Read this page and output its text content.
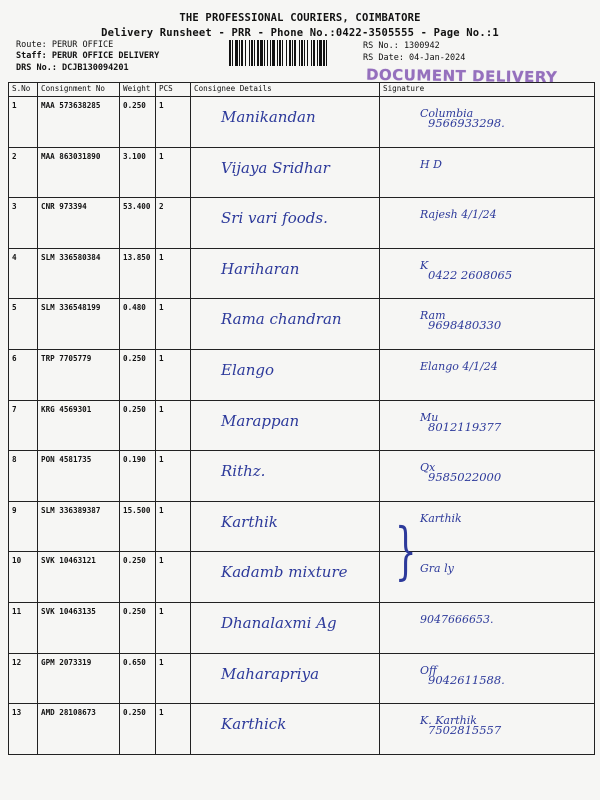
THE PROFESSIONAL COURIERS, COIMBATORE
Delivery Runsheet - PRR - Phone No.:0422-3505555 - Page No.:1
Route: PERUR OFFICE
Staff: PERUR OFFICE DELIVERY
DRS No.: DCJB130094201
RS No.: 1300942
RS Date: 04-Jan-2024
DOCUMENT DELIVERY
S.No	Consignment No	Weight	PCS	Consignee Details	Signature
1	MAA 573638285	0.250	1	Manikandan	Columbia
9566933298.

2	MAA 863031890	3.100	1	Vijaya Sridhar	H D
3	CNR 973394	53.400	2	Sri vari foods.	Rajesh 4/1/24
4	SLM 336580384	13.850	1	Hariharan	K
0422 2608065

5	SLM 336548199	0.480	1	Rama chandran	Ram
9698480330

6	TRP 7705779	0.250	1	Elango	Elango 4/1/24
7	KRG 4569301	0.250	1	Marappan	Mu
8012119377

8	PON 4581735	0.190	1	Rithz.	Qx
9585022000

9	SLM 336389387	15.500	1	Karthik	Karthik
10	SVK 10463121	0.250	1	Kadamb mixture	Gra ly
11	SVK 10463135	0.250	1	Dhanalaxmi Ag	9047666653.
12	GPM 2073319	0.650	1	Maharapriya	Off
9042611588.

13	AMD 28108673	0.250	1	Karthick	K. Karthik
7502815557
}
